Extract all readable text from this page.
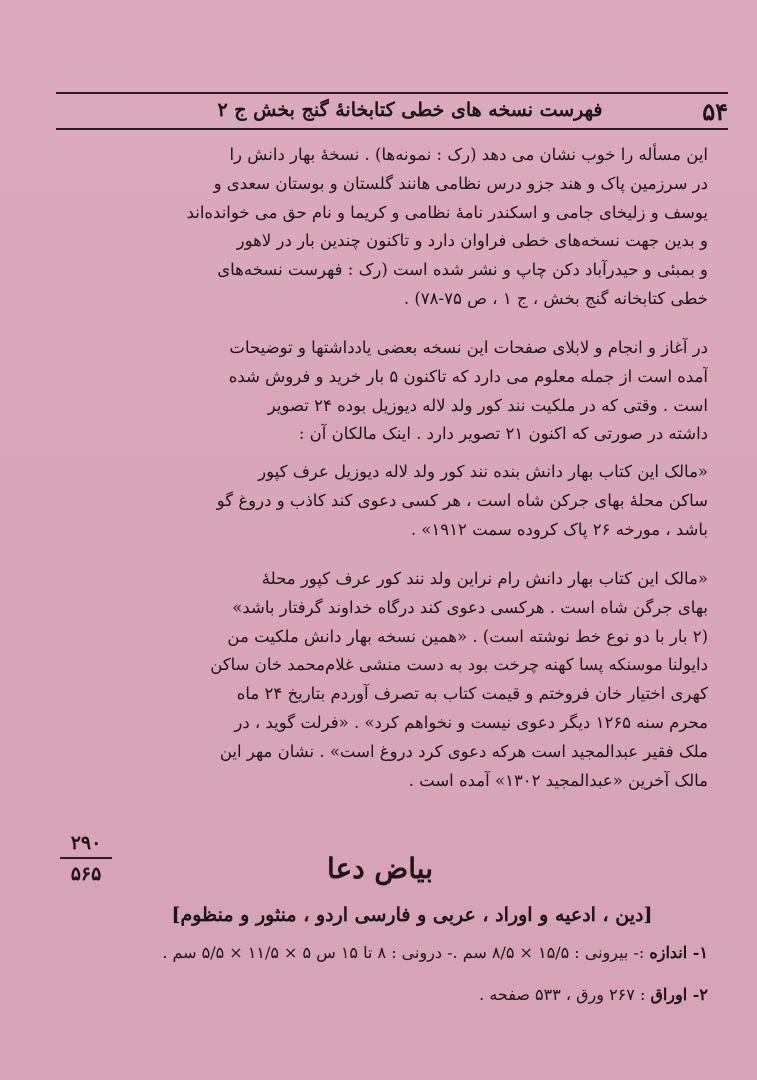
۵۴
فهرست نسخه های خطی کتابخانهٔ گنج بخش ج ۲
این مسأله را خوب نشان می دهد (رک : نمونه‌ها) . نسخهٔ بهار دانش را
در سرزمین پاک و هند جزو درس نظامی هانند گلستان و بوستان سعدی و
یوسف و زلیخای جامی و اسکندر نامهٔ نظامی و کریما و نام حق می خوانده‌اند
و بدین جهت نسخه‌های خطی فراوان دارد و تاکنون چندین بار در لاهور
و بمبئی و حیدرآباد دکن چاپ و نشر شده است (رک : فهرست نسخه‌های
خطی کتابخانه گنج بخش ، ج ۱ ، ص ۷۵-۷۸) .
در آغاز و انجام و لابلای صفحات این نسخه بعضی یادداشتها و توضیحات
آمده است از جمله معلوم می دارد که تاکنون ۵ بار خرید و فروش شده
است . وقتی که در ملکیت نند کور ولد لاله دیوزیل بوده ۲۴ تصویر
داشته در صورتی که اکنون ۲۱ تصویر دارد . اینک مالکان آن :
«مالک این کتاب بهار دانش بنده نند کور ولد لاله دیوزیل عرف کپور
ساکن محلهٔ بهای جرکن شاه است ، هر کسی دعوی کند کاذب و دروغ گو
باشد ، مورخه ۲۶ پاک کروده سمت ۱۹۱۲» .
«مالک این کتاب بهار دانش رام نراین ولد نند کور عرف کپور محلهٔ
بهای جرگن شاه است . هرکسی دعوی کند درگاه خداوند گرفتار باشد»
(۲ بار با دو نوع خط نوشته است) . «همین نسخه بهار دانش ملکیت من
دایولنا موسنکه پسا کهنه چرخت بود به دست منشی غلام‌محمد خان ساکن
کهری اختیار خان فروختم و قیمت کتاب به تصرف آوردم بتاریخ ۲۴ ماه
محرم سنه ۱۲۶۵ دیگر دعوی نیست و نخواهم کرد» . «فرلت گوید ، در
ملک فقیر عبدالمجید است هرکه دعوی کرد دروغ است» . نشان مهر این
مالک آخرین «عبدالمجید ۱۳۰۲» آمده است .
۲۹۰
۵۶۵	بیاض دعا
[دین ، ادعیه و اوراد ، عربی و فارسی اردو ، منثور و منظوم]
۱- اندازه :- بیرونی : ۱۵/۵ × ۸/۵ سم .- درونی : ۸ تا ۱۵ س ۵ × ۱۱/۵ × ۵/۵ سم .
۲- اوراق : ۲۶۷ ورق ، ۵۳۳ صفحه .
